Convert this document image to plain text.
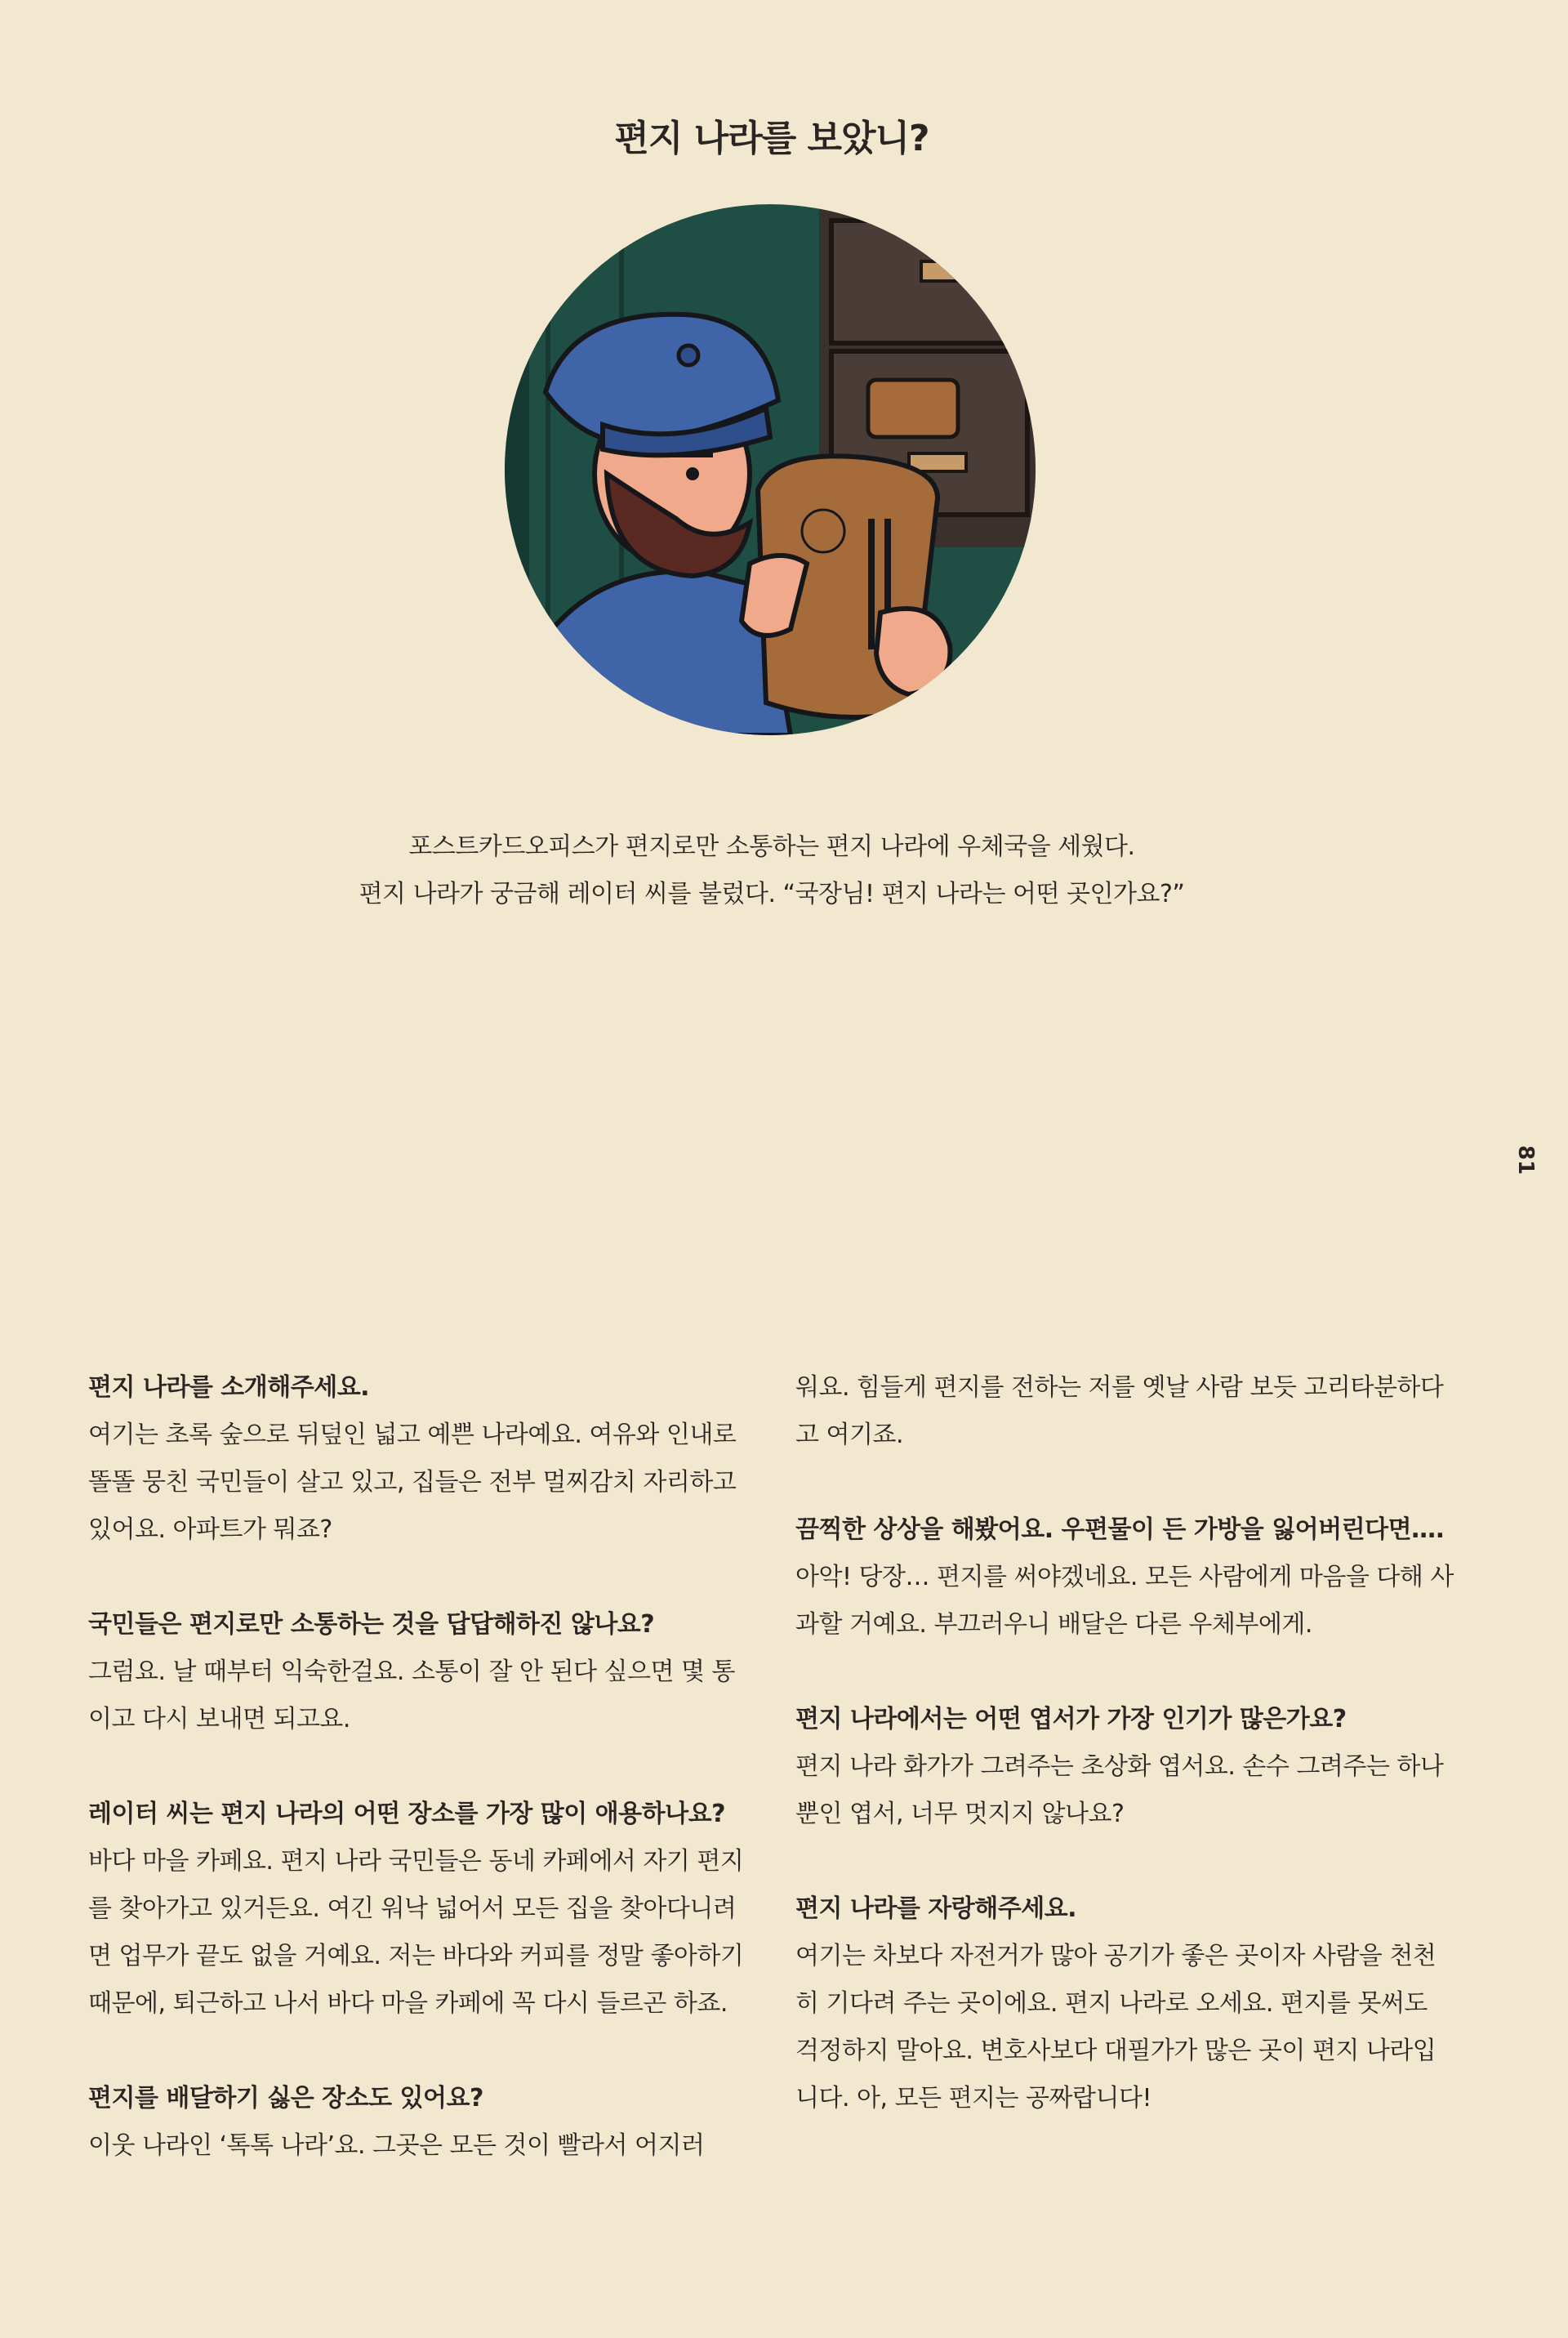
편지 나라를 보았니?

포스트카드오피스가 편지로만 소통하는 편지 나라에 우체국을 세웠다.

편지 나라가 궁금해 레이터 씨를 불렀다. “국장님! 편지 나라는 어떤 곳인가요?”

81

편지 나라를 소개해주세요.

여기는 초록 숲으로 뒤덮인 넓고 예쁜 나라예요. 여유와 인내로 똘똘 뭉친 국민들이 살고 있고, 집들은 전부 멀찌감치 자리하고 있어요. 아파트가 뭐죠?

국민들은 편지로만 소통하는 것을 답답해하진 않나요?

그럼요. 날 때부터 익숙한걸요. 소통이 잘 안 된다 싶으면 몇 통이고 다시 보내면 되고요.

레이터 씨는 편지 나라의 어떤 장소를 가장 많이 애용하나요?

바다 마을 카페요. 편지 나라 국민들은 동네 카페에서 자기 편지를 찾아가고 있거든요. 여긴 워낙 넓어서 모든 집을 찾아다니려면 업무가 끝도 없을 거예요. 저는 바다와 커피를 정말 좋아하기 때문에, 퇴근하고 나서 바다 마을 카페에 꼭 다시 들르곤 하죠.

편지를 배달하기 싫은 장소도 있어요?

이웃 나라인 ‘톡톡 나라’요. 그곳은 모든 것이 빨라서 어지러

워요. 힘들게 편지를 전하는 저를 옛날 사람 보듯 고리타분하다고 여기죠.

끔찍한 상상을 해봤어요. 우편물이 든 가방을 잃어버린다면….

아악! 당장… 편지를 써야겠네요. 모든 사람에게 마음을 다해 사과할 거예요. 부끄러우니 배달은 다른 우체부에게.

편지 나라에서는 어떤 엽서가 가장 인기가 많은가요?

편지 나라 화가가 그려주는 초상화 엽서요. 손수 그려주는 하나뿐인 엽서, 너무 멋지지 않나요?

편지 나라를 자랑해주세요.

여기는 차보다 자전거가 많아 공기가 좋은 곳이자 사람을 천천히 기다려 주는 곳이에요. 편지 나라로 오세요. 편지를 못써도 걱정하지 말아요. 변호사보다 대필가가 많은 곳이 편지 나라입니다. 아, 모든 편지는 공짜랍니다!
